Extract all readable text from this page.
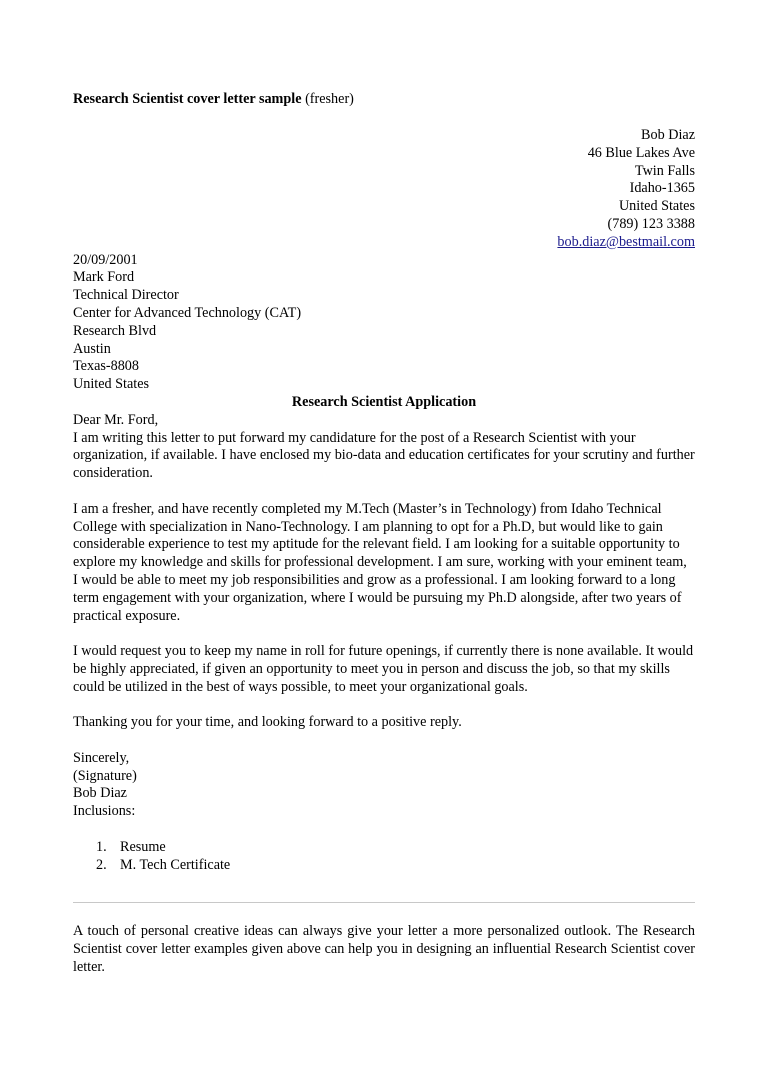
Research Scientist cover letter sample (fresher)
Bob Diaz
46 Blue Lakes Ave
Twin Falls
Idaho-1365
United States
(789) 123 3388
bob.diaz@bestmail.com
20/09/2001
Mark Ford
Technical Director
Center for Advanced Technology (CAT)
Research Blvd
Austin
Texas-8808
United States
Research Scientist Application
Dear Mr. Ford,

I am writing this letter to put forward my candidature for the post of a Research Scientist with your organization, if available. I have enclosed my bio-data and education certificates for your scrutiny and further consideration.

I am a fresher, and have recently completed my M.Tech (Master’s in Technology) from Idaho Technical College with specialization in Nano-Technology. I am planning to opt for a Ph.D, but would like to gain considerable experience to test my aptitude for the relevant field. I am looking for a suitable opportunity to explore my knowledge and skills for professional development. I am sure, working with your eminent team, I would be able to meet my job responsibilities and grow as a professional. I am looking forward to a long term engagement with your organization, where I would be pursuing my Ph.D alongside, after two years of practical exposure.

I would request you to keep my name in roll for future openings, if currently there is none available. It would be highly appreciated, if given an opportunity to meet you in person and discuss the job, so that my skills could be utilized in the best of ways possible, to meet your organizational goals.

Thanking you for your time, and looking forward to a positive reply.

Sincerely,
(Signature)
Bob Diaz
Inclusions:
1. Resume
2. M. Tech Certificate
A touch of personal creative ideas can always give your letter a more personalized outlook. The Research Scientist cover letter examples given above can help you in designing an influential Research Scientist cover letter.
